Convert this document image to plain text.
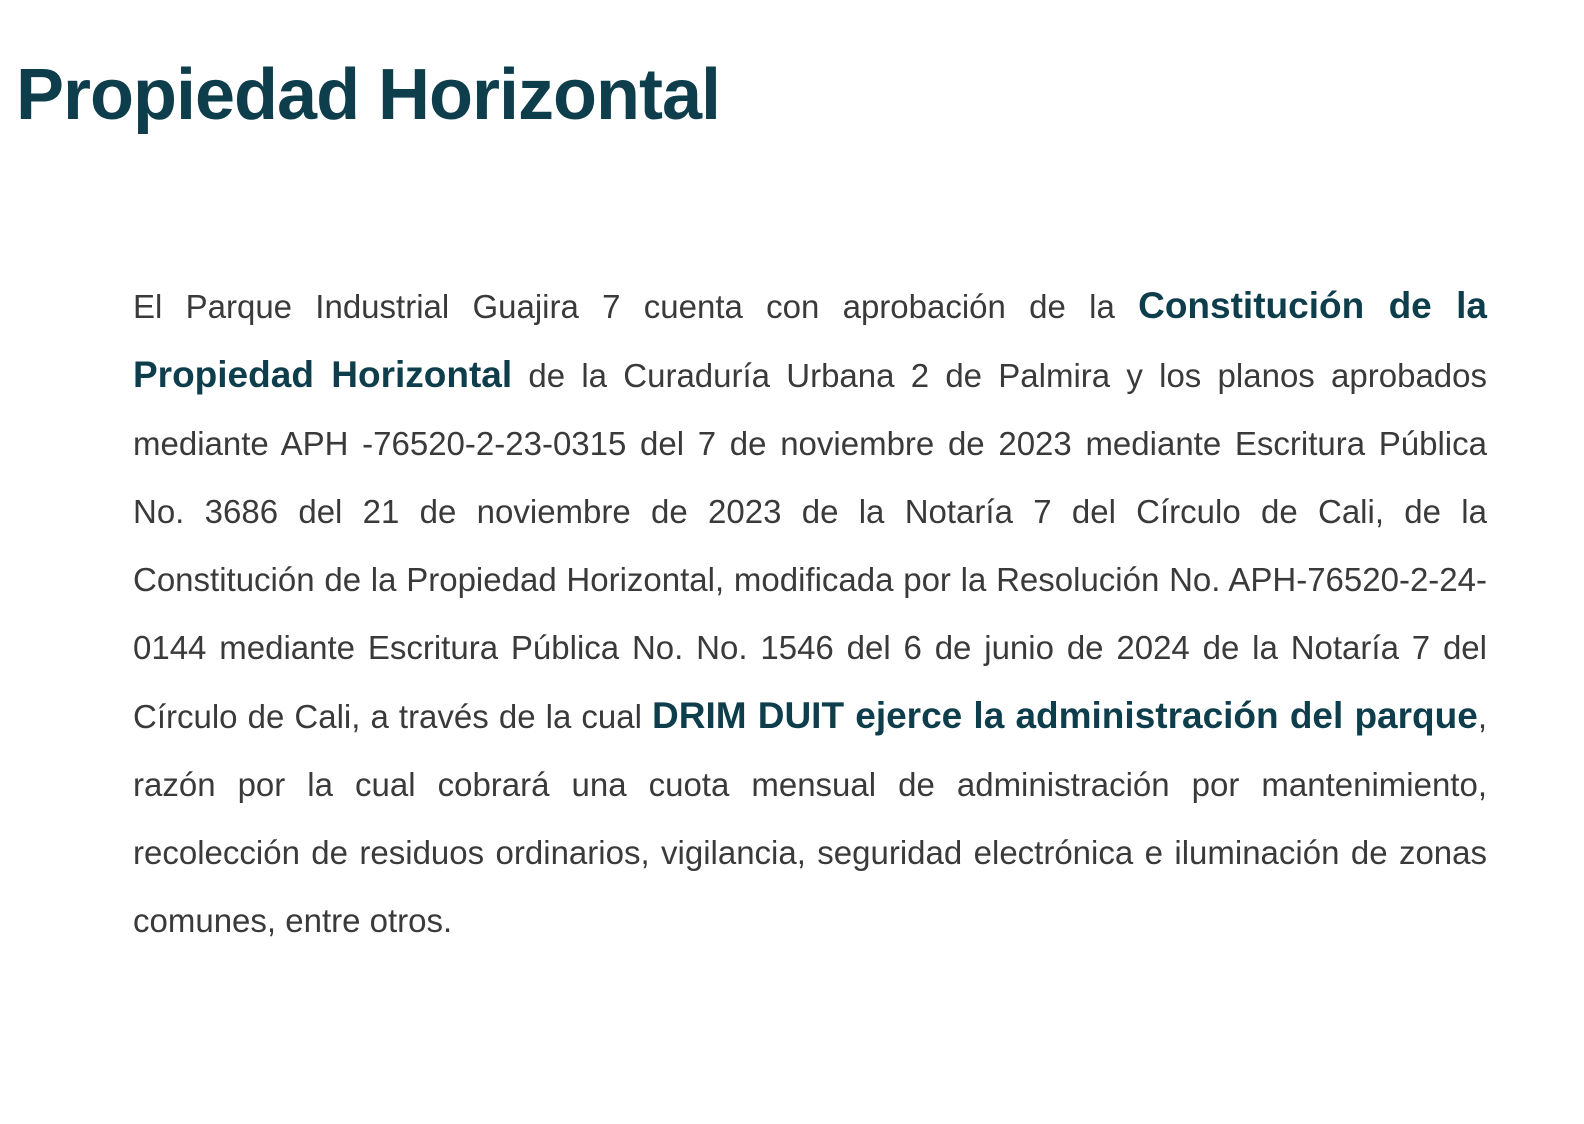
Propiedad Horizontal

El Parque Industrial Guajira 7 cuenta con aprobación de la Constitución de la Propiedad Horizontal de la Curaduría Urbana 2 de Palmira y los planos aprobados mediante APH -76520-2-23-0315 del 7 de noviembre de 2023 mediante Escritura Pública No. 3686 del 21 de noviembre de 2023 de la Notaría 7 del Círculo de Cali, de la Constitución de la Propiedad Horizontal, modificada por la Resolución No. APH-76520-2-24-0144 mediante Escritura Pública No. No. 1546 del 6 de junio de 2024 de la Notaría 7 del Círculo de Cali, a través de la cual DRIM DUIT ejerce la administración del parque, razón por la cual cobrará una cuota mensual de administración por mantenimiento, recolección de residuos ordinarios, vigilancia, seguridad electrónica e iluminación de zonas comunes, entre otros.
